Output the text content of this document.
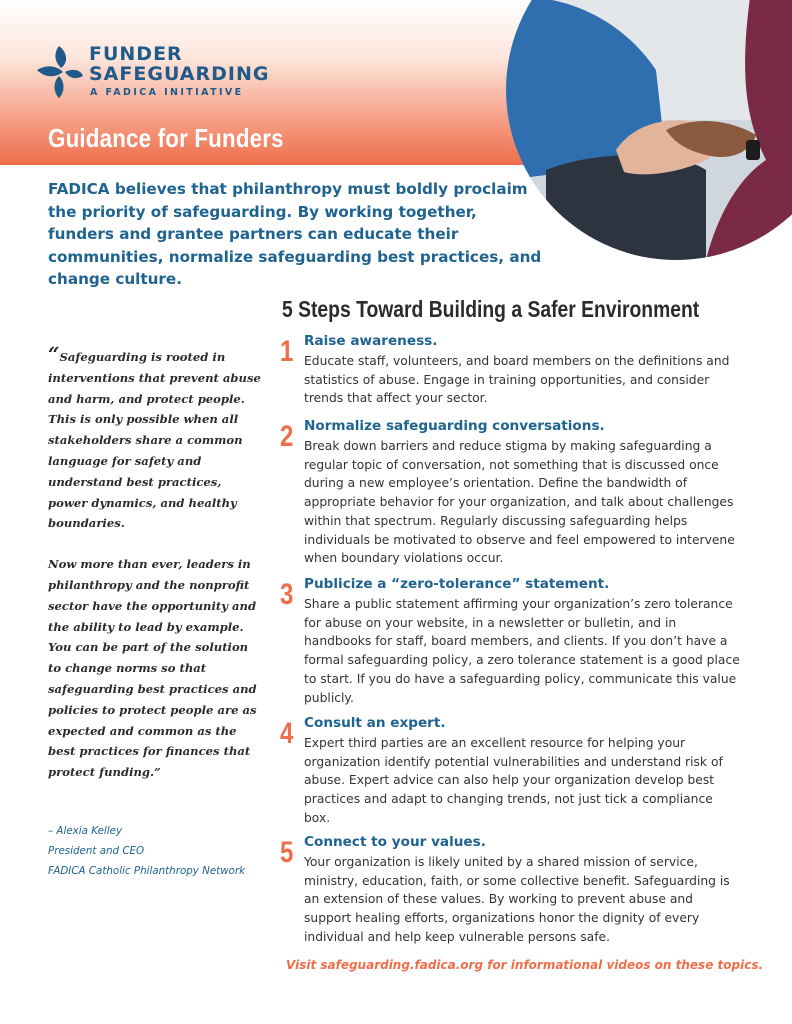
FUNDER
SAFEGUARDING
A FADICA INITIATIVE
Guidance for Funders
FADICA believes that philanthropy must boldly proclaim the priority of safeguarding. By working together, funders and grantee partners can educate their communities, normalize safeguarding best practices, and change culture.
5 Steps Toward Building a Safer Environment

“Safeguarding is rooted in interventions that prevent abuse and harm, and protect people. This is only possible when all stakeholders share a common language for safety and understand best practices, power dynamics, and healthy boundaries.

Now more than ever, leaders in philanthropy and the nonprofit sector have the opportunity and the ability to lead by example. You can be part of the solution to change norms so that safeguarding best practices and policies to protect people are as expected and common as the best practices for finances that protect funding.”

– Alexia Kelley
President and CEO
FADICA Catholic Philanthropy Network
1 Raise awareness.
Educate staff, volunteers, and board members on the definitions and statistics of abuse. Engage in training opportunities, and consider trends that affect your sector.
2 Normalize safeguarding conversations.
Break down barriers and reduce stigma by making safeguarding a regular topic of conversation, not something that is discussed once during a new employee’s orientation. Define the bandwidth of appropriate behavior for your organization, and talk about challenges within that spectrum. Regularly discussing safeguarding helps individuals be motivated to observe and feel empowered to intervene when boundary violations occur.
3 Publicize a “zero-tolerance” statement.
Share a public statement affirming your organization’s zero tolerance for abuse on your website, in a newsletter or bulletin, and in handbooks for staff, board members, and clients. If you don’t have a formal safeguarding policy, a zero tolerance statement is a good place to start. If you do have a safeguarding policy, communicate this value publicly.
4 Consult an expert.
Expert third parties are an excellent resource for helping your organization identify potential vulnerabilities and understand risk of abuse. Expert advice can also help your organization develop best practices and adapt to changing trends, not just tick a compliance box.
5 Connect to your values.
Your organization is likely united by a shared mission of service, ministry, education, faith, or some collective benefit. Safeguarding is an extension of these values. By working to prevent abuse and support healing efforts, organizations honor the dignity of every individual and help keep vulnerable persons safe.
Visit safeguarding.fadica.org for informational videos on these topics.
